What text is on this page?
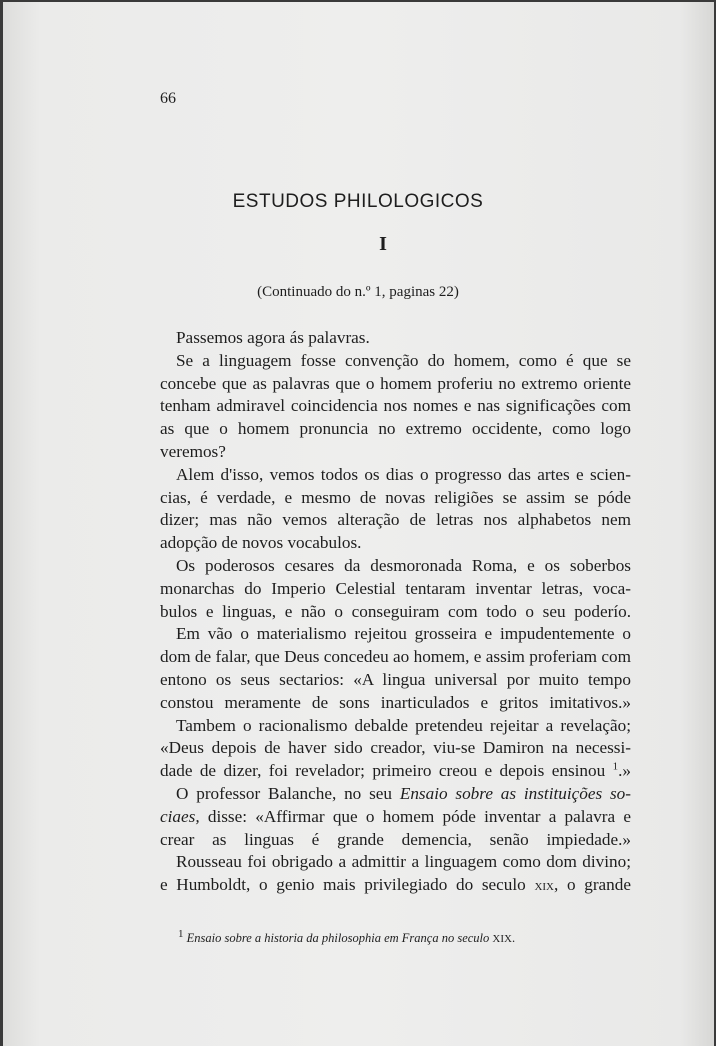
66
ESTUDOS PHILOLOGICOS
I
(Continuado do n.º 1, paginas 22)
Passemos agora ás palavras.
Se a linguagem fosse convenção do homem, como é que se
concebe que as palavras que o homem proferiu no extremo oriente
tenham admiravel coincidencia nos nomes e nas significações com
as que o homem pronuncia no extremo occidente, como logo
veremos?
Alem d'isso, vemos todos os dias o progresso das artes e scien-
cias, é verdade, e mesmo de novas religiões se assim se póde
dizer; mas não vemos alteração de letras nos alphabetos nem
adopção de novos vocabulos.
Os poderosos cesares da desmoronada Roma, e os soberbos
monarchas do Imperio Celestial tentaram inventar letras, voca-
bulos e linguas, e não o conseguiram com todo o seu poderío.
Em vão o materialismo rejeitou grosseira e impudentemente o
dom de falar, que Deus concedeu ao homem, e assim proferiam com
entono os seus sectarios: «A lingua universal por muito tempo
constou meramente de sons inarticulados e gritos imitativos.»
Tambem o racionalismo debalde pretendeu rejeitar a revelação;
«Deus depois de haver sido creador, viu-se Damiron na necessi-
dade de dizer, foi revelador; primeiro creou e depois ensinou $^1$.»
O professor Balanche, no seu Ensaio sobre as instituições so-
ciaes, disse: «Affirmar que o homem póde inventar a palavra e
crear as linguas é grande demencia, senão impiedade.»
Rousseau foi obrigado a admittir a linguagem como dom divino;
e Humboldt, o genio mais privilegiado do seculo XIX, o grande
$^1$ Ensaio sobre a historia da philosophia em França no seculo XIX.
